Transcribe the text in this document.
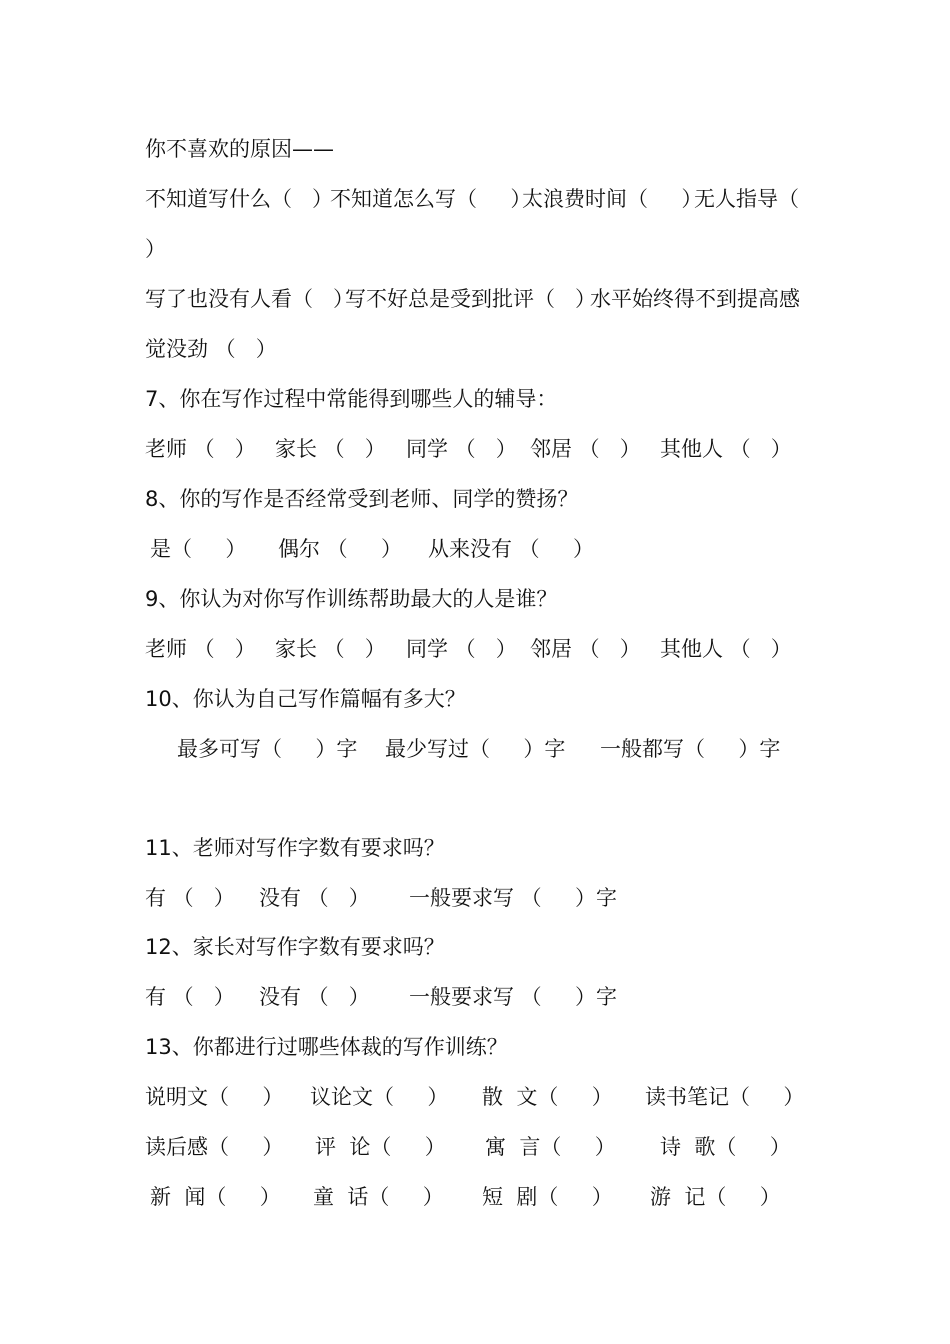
你不喜欢的原因——
不知道写什么（   ）
不知道怎么写（     ）
太浪费时间（     ）
无人指导（
）
写了也没有人看（   ）
写不好总是受到批评（   ）
水平始终得不到提高感
觉没劲 （   ）
7、你在写作过程中常能得到哪些人的辅导：
老师 （   ） 家长 （   ） 同学 （   ） 邻居 （   ） 其他人 （   ）
8、你的写作是否经常受到老师、同学的赞扬？
是（     ） 偶尔 （     ） 从来没有 （     ）
9、你认为对你写作训练帮助最大的人是谁？
老师 （   ） 家长 （   ） 同学 （   ） 邻居 （   ） 其他人 （   ）
10、你认为自己写作篇幅有多大？
最多可写（     ）字 最少写过（     ）字 一般都写（     ）字
11、老师对写作字数有要求吗？
有 （   ） 没有 （   ） 一般要求写 （     ）字
12、家长对写作字数有要求吗？
有 （   ） 没有 （   ） 一般要求写 （     ）字
13、你都进行过哪些体裁的写作训练？
说明文（     ） 议论文（     ） 散  文（     ） 读书笔记（     ）
读后感（     ） 评  论（     ） 寓  言（     ） 诗  歌（     ）
新  闻（     ） 童  话（     ） 短  剧（     ） 游  记（     ）
